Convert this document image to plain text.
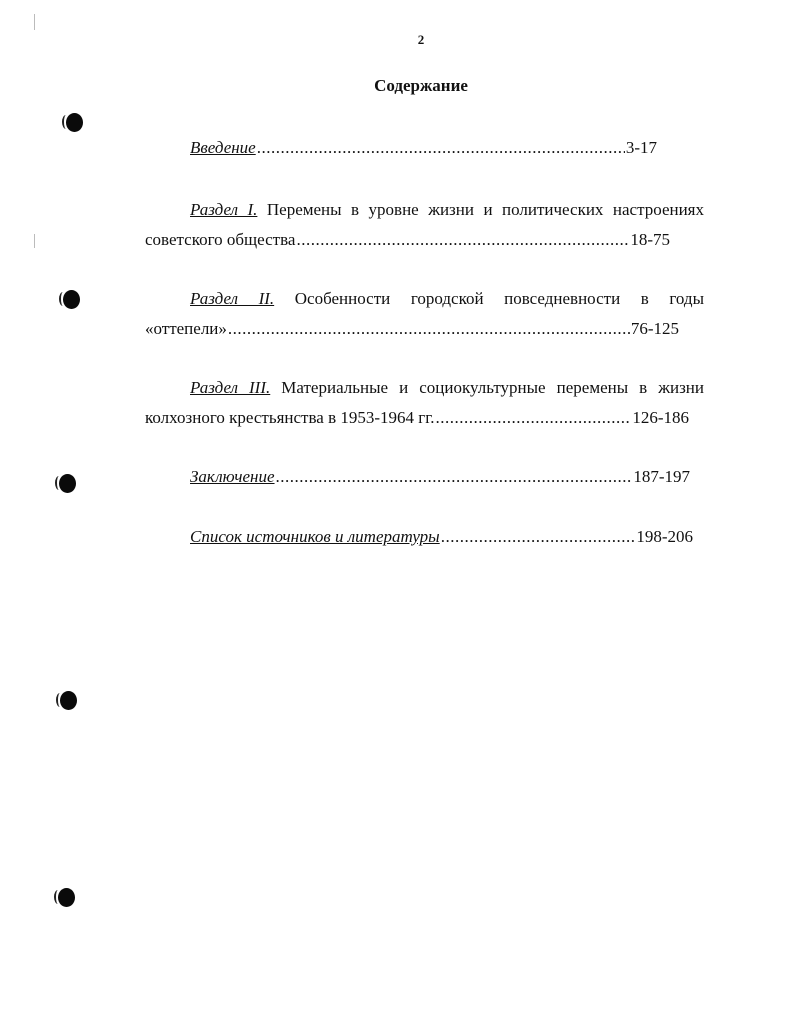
2
Содержание
Введение .....	3-17
Раздел I. Перемены в уровне жизни и политических настроениях
советского общества .....	18-75
Раздел II. Особенности городской повседневности в годы
«оттепели» .....	76-125
Раздел III. Материальные и социокультурные перемены в жизни
колхозного крестьянства в 1953-1964 гг. .....	126-186
Заключение .....	187-197
Список источников и литературы .....	198-206
